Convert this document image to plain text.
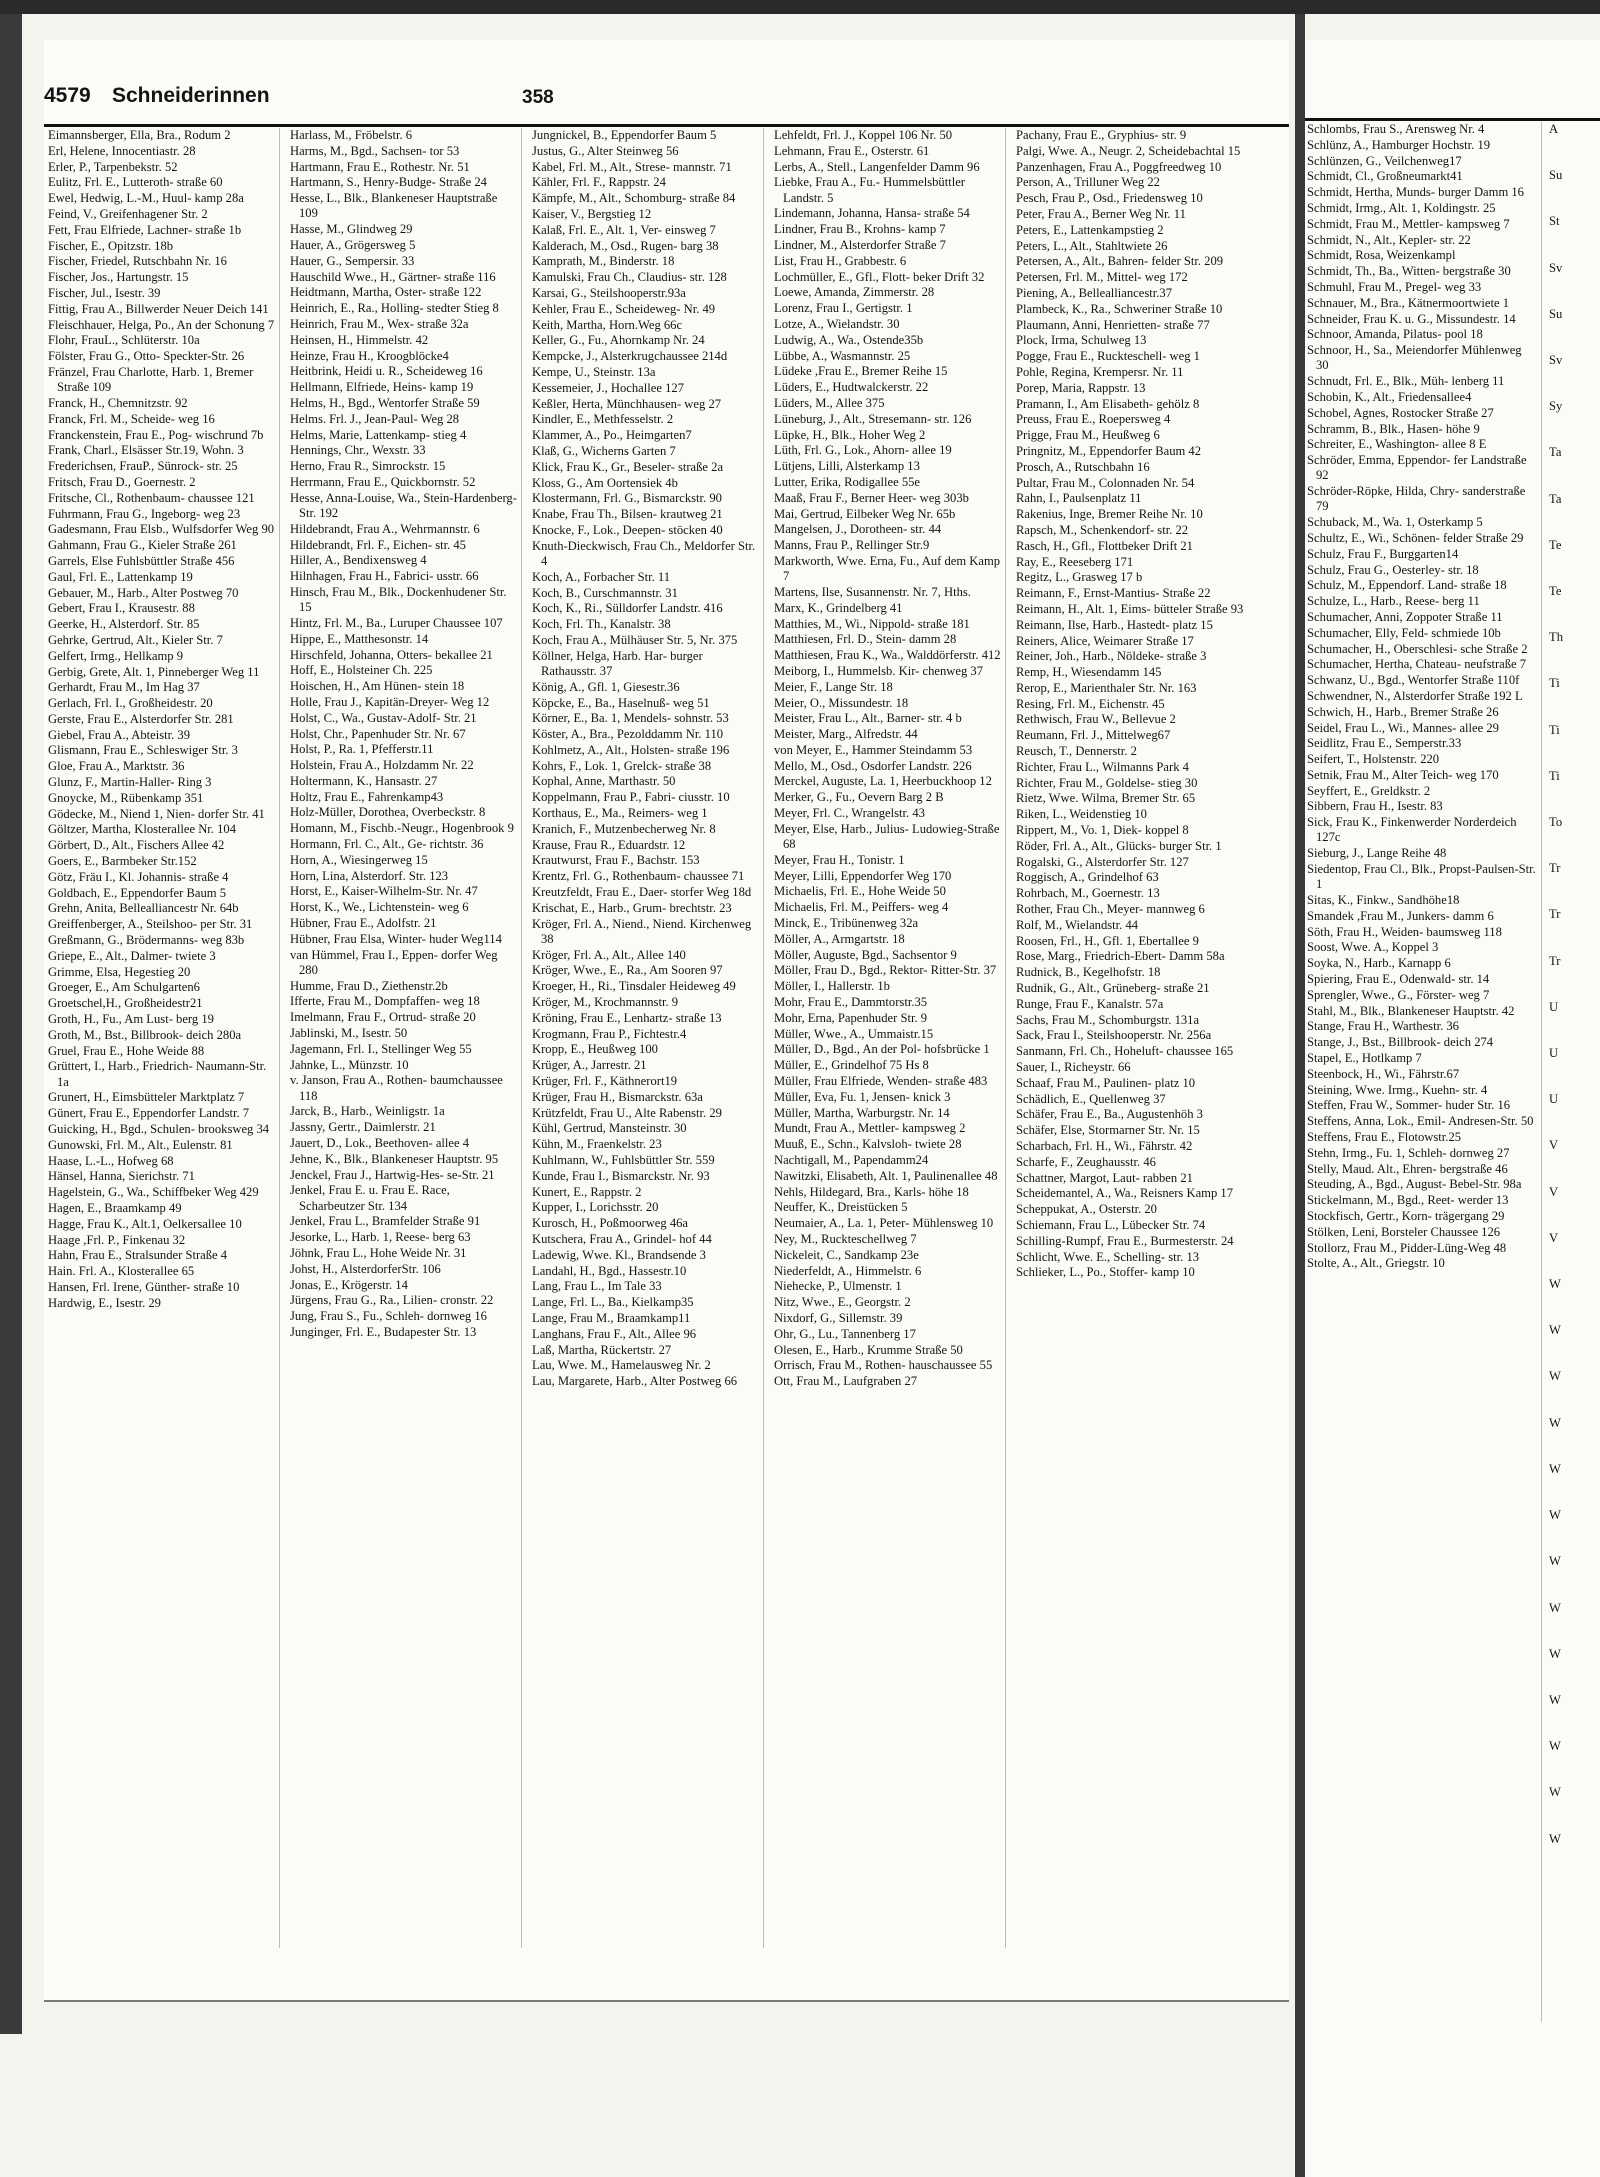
4579 Schneiderinnen	358
Eimannsberger, Ella, Bra., Rodum 2
Erl, Helene, Innocentiastr. 28
Erler, P., Tarpenbekstr. 52
Eulitz, Frl. E., Lutteroth- straße 60
Ewel, Hedwig, L.-M., Huul- kamp 28a
Feind, V., Greifenhagener Str. 2
Fett, Frau Elfriede, Lachner- straße 1b
Fischer, E., Opitzstr. 18b
Fischer, Friedel, Rutschbahn Nr. 16
Fischer, Jos., Hartungstr. 15
Fischer, Jul., Isestr. 39
Fittig, Frau A., Billwerder Neuer Deich 141
Fleischhauer, Helga, Po., An der Schonung 7
Flohr, FrauL., Schlüterstr. 10a
Fölster, Frau G., Otto- Speckter-Str. 26
Fränzel, Frau Charlotte, Harb. 1, Bremer Straße 109
Franck, H., Chemnitzstr. 92
Franck, Frl. M., Scheide- weg 16
Franckenstein, Frau E., Pog- wischrund 7b
Frank, Charl., Elsässer Str.19, Wohn. 3
Frederichsen, FrauP., Sünrock- str. 25
Fritsch, Frau D., Goernestr. 2
Fritsche, Cl., Rothenbaum- chaussee 121
Fuhrmann, Frau G., Ingeborg- weg 23
Gadesmann, Frau Elsb., Wulfsdorfer Weg 90
Gahmann, Frau G., Kieler Straße 261
Garrels, Else Fuhlsbüttler Straße 456
Gaul, Frl. E., Lattenkamp 19
Gebauer, M., Harb., Alter Postweg 70
Gebert, Frau I., Krausestr. 88
Geerke, H., Alsterdorf. Str. 85
Gehrke, Gertrud, Alt., Kieler Str. 7
Gelfert, Irmg., Hellkamp 9
Gerbig, Grete, Alt. 1, Pinneberger Weg 11
Gerhardt, Frau M., Im Hag 37
Gerlach, Frl. I., Großheidestr. 20
Gerste, Frau E., Alsterdorfer Str. 281
Giebel, Frau A., Abteistr. 39
Glismann, Frau E., Schleswiger Str. 3
Gloe, Frau A., Marktstr. 36
Glunz, F., Martin-Haller- Ring 3
Gnoycke, M., Rübenkamp 351
Gödecke, M., Niend 1, Nien- dorfer Str. 41
Göltzer, Martha, Klosterallee Nr. 104
Görbert, D., Alt., Fischers Allee 42
Goers, E., Barmbeker Str.152
Götz, Fräu I., Kl. Johannis- straße 4
Goldbach, E., Eppendorfer Baum 5
Grehn, Anita, Bellealliancestr Nr. 64b
Greiffenberger, A., Steilshoo- per Str. 31
Greßmann, G., Brödermanns- weg 83b
Griepe, E., Alt., Dalmer- twiete 3
Grimme, Elsa, Hegestieg 20
Groeger, E., Am Schulgarten6
Groetschel,H., Großheidestr21
Groth, H., Fu., Am Lust- berg 19
Groth, M., Bst., Billbrook- deich 280a
Gruel, Frau E., Hohe Weide 88
Grüttert, I., Harb., Friedrich- Naumann-Str. 1a
Grunert, H., Eimsbütteler Marktplatz 7
Günert, Frau E., Eppendorfer Landstr. 7
Guicking, H., Bgd., Schulen- brooksweg 34
Gunowski, Frl. M., Alt., Eulenstr. 81
Haase, L.-L., Hofweg 68
Hänsel, Hanna, Sierichstr. 71
Hagelstein, G., Wa., Schiffbeker Weg 429
Hagen, E., Braamkamp 49
Hagge, Frau K., Alt.1, Oelkersallee 10
Haage ,Frl. P., Finkenau 32
Hahn, Frau E., Stralsunder Straße 4
Hain. Frl. A., Klosterallee 65
Hansen, Frl. Irene, Günther- straße 10
Hardwig, E., Isestr. 29
Harlass, M., Fröbelstr. 6
Harms, M., Bgd., Sachsen- tor 53
Hartmann, Frau E., Rothestr. Nr. 51
Hartmann, S., Henry-Budge- Straße 24
Hesse, L., Blk., Blankeneser Hauptstraße 109
Hasse, M., Glindweg 29
Hauer, A., Grögersweg 5
Hauer, G., Sempersir. 33
Hauschild Wwe., H., Gärtner- straße 116
Heidtmann, Martha, Oster- straße 122
Heinrich, E., Ra., Holling- stedter Stieg 8
Heinrich, Frau M., Wex- straße 32a
Heinsen, H., Himmelstr. 42
Heinze, Frau H., Kroogblöcke4
Heitbrink, Heidi u. R., Scheideweg 16
Hellmann, Elfriede, Heins- kamp 19
Helms, H., Bgd., Wentorfer Straße 59
Helms. Frl. J., Jean-Paul- Weg 28
Helms, Marie, Lattenkamp- stieg 4
Hennings, Chr., Wexstr. 33
Herno, Frau R., Simrockstr. 15
Herrmann, Frau E., Quickbornstr. 52
Hesse, Anna-Louise, Wa., Stein-Hardenberg-Str. 192
Hildebrandt, Frau A., Wehrmannstr. 6
Hildebrandt, Frl. F., Eichen- str. 45
Hiller, A., Bendixensweg 4
Hilnhagen, Frau H., Fabrici- usstr. 66
Hinsch, Frau M., Blk., Dockenhudener Str. 15
Hintz, Frl. M., Ba., Luruper Chaussee 107
Hippe, E., Matthesonstr. 14
Hirschfeld, Johanna, Otters- bekallee 21
Hoff, E., Holsteiner Ch. 225
Hoischen, H., Am Hünen- stein 18
Holle, Frau J., Kapitän-Dreyer- Weg 12
Holst, C., Wa., Gustav-Adolf- Str. 21
Holst, Chr., Papenhuder Str. Nr. 67
Holst, P., Ra. 1, Pfefferstr.11
Holstein, Frau A., Holzdamm Nr. 22
Holtermann, K., Hansastr. 27
Holtz, Frau E., Fahrenkamp43
Holz-Müller, Dorothea, Overbeckstr. 8
Homann, M., Fischb.-Neugr., Hogenbrook 9
Hormann, Frl. C., Alt., Ge- richtstr. 36
Horn, A., Wiesingerweg 15
Horn, Lina, Alsterdorf. Str. 123
Horst, E., Kaiser-Wilhelm-Str. Nr. 47
Horst, K., We., Lichtenstein- weg 6
Hübner, Frau E., Adolfstr. 21
Hübner, Frau Elsa, Winter- huder Weg114
van Hümmel, Frau I., Eppen- dorfer Weg 280
Humme, Frau D., Ziethenstr.2b
Ifferte, Frau M., Dompfaffen- weg 18
Imelmann, Frau F., Ortrud- straße 20
Jablinski, M., Isestr. 50
Jagemann, Frl. I., Stellinger Weg 55
Jahnke, L., Münzstr. 10
v. Janson, Frau A., Rothen- baumchaussee 118
Jarck, B., Harb., Weinligstr. 1a
Jassny, Gertr., Daimlerstr. 21
Jauert, D., Lok., Beethoven- allee 4
Jehne, K., Blk., Blankeneser Hauptstr. 95
Jenckel, Frau J., Hartwig-Hes- se-Str. 21
Jenkel, Frau E. u. Frau E. Race, Scharbeutzer Str. 134
Jenkel, Frau L., Bramfelder Straße 91
Jesorke, L., Harb. 1, Reese- berg 63
Jöhnk, Frau L., Hohe Weide Nr. 31
Johst, H., AlsterdorferStr. 106
Jonas, E., Krögerstr. 14
Jürgens, Frau G., Ra., Lilien- cronstr. 22
Jung, Frau S., Fu., Schleh- dornweg 16
Junginger, Frl. E., Budapester Str. 13
Jungnickel, B., Eppendorfer Baum 5
Justus, G., Alter Steinweg 56
Kabel, Frl. M., Alt., Strese- mannstr. 71
Kähler, Frl. F., Rappstr. 24
Kämpfe, M., Alt., Schomburg- straße 84
Kaiser, V., Bergstieg 12
Kalaß, Frl. E., Alt. 1, Ver- einsweg 7
Kalderach, M., Osd., Rugen- barg 38
Kamprath, M., Binderstr. 18
Kamulski, Frau Ch., Claudius- str. 128
Karsai, G., Steilshooperstr.93a
Kehler, Frau E., Scheideweg- Nr. 49
Keith, Martha, Horn.Weg 66c
Keller, G., Fu., Ahornkamp Nr. 24
Kempcke, J., Alsterkrugchaussee 214d
Kempe, U., Steinstr. 13a
Kessemeier, J., Hochallee 127
Keßler, Herta, Münchhausen- weg 27
Kindler, E., Methfesselstr. 2
Klammer, A., Po., Heimgarten7
Klaß, G., Wicherns Garten 7
Klick, Frau K., Gr., Beseler- straße 2a
Kloss, G., Am Oortensiek 4b
Klostermann, Frl. G., Bismarckstr. 90
Knabe, Frau Th., Bilsen- krautweg 21
Knocke, F., Lok., Deepen- stöcken 40
Knuth-Dieckwisch, Frau Ch., Meldorfer Str. 4
Koch, A., Forbacher Str. 11
Koch, B., Curschmannstr. 31
Koch, K., Ri., Sülldorfer Landstr. 416
Koch, Frl. Th., Kanalstr. 38
Koch, Frau A., Mülhäuser Str. 5, Nr. 375
Köllner, Helga, Harb. Har- burger Rathausstr. 37
König, A., Gfl. 1, Giesestr.36
Köpcke, E., Ba., Haselnuß- weg 51
Körner, E., Ba. 1, Mendels- sohnstr. 53
Köster, A., Bra., Pezolddamm Nr. 110
Kohlmetz, A., Alt., Holsten- straße 196
Kohrs, F., Lok. 1, Grelck- straße 38
Kophal, Anne, Marthastr. 50
Koppelmann, Frau P., Fabri- ciusstr. 10
Korthaus, E., Ma., Reimers- weg 1
Kranich, F., Mutzenbecherweg Nr. 8
Krause, Frau R., Eduardstr. 12
Krautwurst, Frau F., Bachstr. 153
Krentz, Frl. G., Rothenbaum- chaussee 71
Kreutzfeldt, Frau E., Daer- storfer Weg 18d
Krischat, E., Harb., Grum- brechtstr. 23
Kröger, Frl. A., Niend., Niend. Kirchenweg 38
Kröger, Frl. A., Alt., Allee 140
Kröger, Wwe., E., Ra., Am Sooren 97
Kroeger, H., Ri., Tinsdaler Heideweg 49
Kröger, M., Krochmannstr. 9
Kröning, Frau E., Lenhartz- straße 13
Krogmann, Frau P., Fichtestr.4
Kropp, E., Heußweg 100
Krüger, A., Jarrestr. 21
Krüger, Frl. F., Käthnerort19
Krüger, Frau H., Bismarckstr. 63a
Krützfeldt, Frau U., Alte Rabenstr. 29
Kühl, Gertrud, Mansteinstr. 30
Kühn, M., Fraenkelstr. 23
Kuhlmann, W., Fuhlsbüttler Str. 559
Kunde, Frau I., Bismarckstr. Nr. 93
Kunert, E., Rappstr. 2
Kupper, I., Lorichsstr. 20
Kurosch, H., Poßmoorweg 46a
Kutschera, Frau A., Grindel- hof 44
Ladewig, Wwe. Kl., Brandsende 3
Landahl, H., Bgd., Hassestr.10
Lang, Frau L., Im Tale 33
Lange, Frl. L., Ba., Kielkamp35
Lange, Frau M., Braamkamp11
Langhans, Frau F., Alt., Allee 96
Laß, Martha, Rückertstr. 27
Lau, Wwe. M., Hamelausweg Nr. 2
Lau, Margarete, Harb., Alter Postweg 66
Lehfeldt, Frl. J., Koppel 106 Nr. 50
Lehmann, Frau E., Osterstr. 61
Lerbs, A., Stell., Langenfelder Damm 96
Liebke, Frau A., Fu.- Hummelsbüttler Landstr. 5
Lindemann, Johanna, Hansa- straße 54
Lindner, Frau B., Krohns- kamp 7
Lindner, M., Alsterdorfer Straße 7
List, Frau H., Grabbestr. 6
Lochmüller, E., Gfl., Flott- beker Drift 32
Loewe, Amanda, Zimmerstr. 28
Lorenz, Frau I., Gertigstr. 1
Lotze, A., Wielandstr. 30
Ludwig, A., Wa., Ostende35b
Lübbe, A., Wasmannstr. 25
Lüdeke ,Frau E., Bremer Reihe 15
Lüders, E., Hudtwalckerstr. 22
Lüders, M., Allee 375
Lüneburg, J., Alt., Stresemann- str. 126
Lüpke, H., Blk., Hoher Weg 2
Lüth, Frl. G., Lok., Ahorn- allee 19
Lütjens, Lilli, Alsterkamp 13
Lutter, Erika, Rodigallee 55e
Maaß, Frau F., Berner Heer- weg 303b
Mai, Gertrud, Eilbeker Weg Nr. 65b
Mangelsen, J., Dorotheen- str. 44
Manns, Frau P., Rellinger Str.9
Markworth, Wwe. Erna, Fu., Auf dem Kamp 7
Martens, Ilse, Susannenstr. Nr. 7, Hths.
Marx, K., Grindelberg 41
Matthies, M., Wi., Nippold- straße 181
Matthiesen, Frl. D., Stein- damm 28
Matthiesen, Frau K., Wa., Walddörferstr. 412
Meiborg, I., Hummelsb. Kir- chenweg 37
Meier, F., Lange Str. 18
Meier, O., Missundestr. 18
Meister, Frau L., Alt., Barner- str. 4 b
Meister, Marg., Alfredstr. 44
von Meyer, E., Hammer Steindamm 53
Mello, M., Osd., Osdorfer Landstr. 226
Merckel, Auguste, La. 1, Heerbuckhoop 12
Merker, G., Fu., Oevern Barg 2 B
Meyer, Frl. C., Wrangelstr. 43
Meyer, Else, Harb., Julius- Ludowieg-Straße 68
Meyer, Frau H., Tonistr. 1
Meyer, Lilli, Eppendorfer Weg 170
Michaelis, Frl. E., Hohe Weide 50
Michaelis, Frl. M., Peiffers- weg 4
Minck, E., Tribünenweg 32a
Möller, A., Armgartstr. 18
Möller, Auguste, Bgd., Sachsentor 9
Möller, Frau D., Bgd., Rektor- Ritter-Str. 37
Möller, I., Hallerstr. 1b
Mohr, Frau E., Dammtorstr.35
Mohr, Erna, Papenhuder Str. 9
Müller, Wwe., A., Ummaistr.15
Müller, D., Bgd., An der Pol- hofsbrücke 1
Müller, E., Grindelhof 75 Hs 8
Müller, Frau Elfriede, Wenden- straße 483
Müller, Eva, Fu. 1, Jensen- knick 3
Müller, Martha, Warburgstr. Nr. 14
Mundt, Frau A., Mettler- kampsweg 2
Muuß, E., Schn., Kalvsloh- twiete 28
Nachtigall, M., Papendamm24
Nawitzki, Elisabeth, Alt. 1, Paulinenallee 48
Nehls, Hildegard, Bra., Karls- höhe 18
Neuffer, K., Dreistücken 5
Neumaier, A., La. 1, Peter- Mühlensweg 10
Ney, M., Ruckteschellweg 7
Nickeleit, C., Sandkamp 23e
Niederfeldt, A., Himmelstr. 6
Niehecke, P., Ulmenstr. 1
Nitz, Wwe., E., Georgstr. 2
Nixdorf, G., Sillemstr. 39
Ohr, G., Lu., Tannenberg 17
Olesen, E., Harb., Krumme Straße 50
Orrisch, Frau M., Rothen- hauschaussee 55
Ott, Frau M., Laufgraben 27
Pachany, Frau E., Gryphius- str. 9
Palgi, Wwe. A., Neugr. 2, Scheidebachtal 15
Panzenhagen, Frau A., Poggfreedweg 10
Person, A., Trilluner Weg 22
Pesch, Frau P., Osd., Friedensweg 10
Peter, Frau A., Berner Weg Nr. 11
Peters, E., Lattenkampstieg 2
Peters, L., Alt., Stahltwiete 26
Petersen, A., Alt., Bahren- felder Str. 209
Petersen, Frl. M., Mittel- weg 172
Piening, A., Bellealliancestr.37
Plambeck, K., Ra., Schweriner Straße 10
Plaumann, Anni, Henrietten- straße 77
Plock, Irma, Schulweg 13
Pogge, Frau E., Ruckteschell- weg 1
Pohle, Regina, Krempersr. Nr. 11
Porep, Maria, Rappstr. 13
Pramann, I., Am Elisabeth- gehölz 8
Preuss, Frau E., Roepersweg 4
Prigge, Frau M., Heußweg 6
Pringnitz, M., Eppendorfer Baum 42
Prosch, A., Rutschbahn 16
Pultar, Frau M., Colonnaden Nr. 54
Rahn, I., Paulsenplatz 11
Rakenius, Inge, Bremer Reihe Nr. 10
Rapsch, M., Schenkendorf- str. 22
Rasch, H., Gfl., Flottbeker Drift 21
Ray, E., Reeseberg 171
Regitz, L., Grasweg 17 b
Reimann, F., Ernst-Mantius- Straße 22
Reimann, H., Alt. 1, Eims- bütteler Straße 93
Reimann, Ilse, Harb., Hastedt- platz 15
Reiners, Alice, Weimarer Straße 17
Reiner, Joh., Harb., Nöldeke- straße 3
Remp, H., Wiesendamm 145
Rerop, E., Marienthaler Str. Nr. 163
Resing, Frl. M., Eichenstr. 45
Rethwisch, Frau W., Bellevue 2
Reumann, Frl. J., Mittelweg67
Reusch, T., Dennerstr. 2
Richter, Frau L., Wilmanns Park 4
Richter, Frau M., Goldelse- stieg 30
Rietz, Wwe. Wilma, Bremer Str. 65
Riken, L., Weidenstieg 10
Rippert, M., Vo. 1, Diek- koppel 8
Röder, Frl. A., Alt., Glücks- burger Str. 1
Rogalski, G., Alsterdorfer Str. 127
Roggisch, A., Grindelhof 63
Rohrbach, M., Goernestr. 13
Rother, Frau Ch., Meyer- mannweg 6
Rolf, M., Wielandstr. 44
Roosen, Frl., H., Gfl. 1, Ebertallee 9
Rose, Marg., Friedrich-Ebert- Damm 58a
Rudnick, B., Kegelhofstr. 18
Rudnik, G., Alt., Grüneberg- straße 21
Runge, Frau F., Kanalstr. 57a
Sachs, Frau M., Schomburgstr. 131a
Sack, Frau I., Steilshooperstr. Nr. 256a
Sanmann, Frl. Ch., Hoheluft- chaussee 165
Sauer, I., Richeystr. 66
Schaaf, Frau M., Paulinen- platz 10
Schädlich, E., Quellenweg 37
Schäfer, Frau E., Ba., Augustenhöh 3
Schäfer, Else, Stormarner Str. Nr. 15
Scharbach, Frl. H., Wi., Fährstr. 42
Scharfe, F., Zeughausstr. 46
Schattner, Margot, Laut- rabben 21
Scheidemantel, A., Wa., Reisners Kamp 17
Scheppukat, A., Osterstr. 20
Schiemann, Frau L., Lübecker Str. 74
Schilling-Rumpf, Frau E., Burmesterstr. 24
Schlicht, Wwe. E., Schelling- str. 13
Schlieker, L., Po., Stoffer- kamp 10
Schlombs, Frau S., Arensweg Nr. 4
Schlünz, A., Hamburger Hochstr. 19
Schlünzen, G., Veilchenweg17
Schmidt, Cl., Großneumarkt41
Schmidt, Hertha, Munds- burger Damm 16
Schmidt, Irmg., Alt. 1, Koldingstr. 25
Schmidt, Frau M., Mettler- kampsweg 7
Schmidt, N., Alt., Kepler- str. 22
Schmidt, Rosa, Weizenkampl
Schmidt, Th., Ba., Witten- bergstraße 30
Schmuhl, Frau M., Pregel- weg 33
Schnauer, M., Bra., Kätnermoortwiete 1
Schneider, Frau K. u. G., Missundestr. 14
Schnoor, Amanda, Pilatus- pool 18
Schnoor, H., Sa., Meiendorfer Mühlenweg 30
Schnudt, Frl. E., Blk., Müh- lenberg 11
Schobin, K., Alt., Friedensallee4
Schobel, Agnes, Rostocker Straße 27
Schramm, B., Blk., Hasen- höhe 9
Schreiter, E., Washington- allee 8 E
Schröder, Emma, Eppendor- fer Landstraße 92
Schröder-Röpke, Hilda, Chry- sanderstraße 79
Schuback, M., Wa. 1, Osterkamp 5
Schultz, E., Wi., Schönen- felder Straße 29
Schulz, Frau F., Burggarten14
Schulz, Frau G., Oesterley- str. 18
Schulz, M., Eppendorf. Land- straße 18
Schulze, L., Harb., Reese- berg 11
Schumacher, Anni, Zoppoter Straße 11
Schumacher, Elly, Feld- schmiede 10b
Schumacher, H., Oberschlesi- sche Straße 2
Schumacher, Hertha, Chateau- neufstraße 7
Schwanz, U., Bgd., Wentorfer Straße 110f
Schwendner, N., Alsterdorfer Straße 192 L
Schwich, H., Harb., Bremer Straße 26
Seidel, Frau L., Wi., Mannes- allee 29
Seidlitz, Frau E., Semperstr.33
Seifert, T., Holstenstr. 220
Setnik, Frau M., Alter Teich- weg 170
Seyffert, E., Greldkstr. 2
Sibbern, Frau H., Isestr. 83
Sick, Frau K., Finkenwerder Norderdeich 127c
Sieburg, J., Lange Reihe 48
Siedentop, Frau Cl., Blk., Propst-Paulsen-Str. 1
Sitas, K., Finkw., Sandhöhe18
Smandek ,Frau M., Junkers- damm 6
Söth, Frau H., Weiden- baumsweg 118
Soost, Wwe. A., Koppel 3
Soyka, N., Harb., Karnapp 6
Spiering, Frau E., Odenwald- str. 14
Sprengler, Wwe., G., Förster- weg 7
Stahl, M., Blk., Blankeneser Hauptstr. 42
Stange, Frau H., Warthestr. 36
Stange, J., Bst., Billbrook- deich 274
Stapel, E., Hotlkamp 7
Steenbock, H., Wi., Fährstr.67
Steining, Wwe. Irmg., Kuehn- str. 4
Steffen, Frau W., Sommer- huder Str. 16
Steffens, Anna, Lok., Emil- Andresen-Str. 50
Steffens, Frau E., Flotowstr.25
Stehn, Irmg., Fu. 1, Schleh- dornweg 27
Stelly, Maud. Alt., Ehren- bergstraße 46
Steuding, A., Bgd., August- Bebel-Str. 98a
Stickelmann, M., Bgd., Reet- werder 13
Stockfisch, Gertr., Korn- trägergang 29
Stölken, Leni, Borsteler Chaussee 126
Stollorz, Frau M., Pidder-Lüng-Weg 48
Stolte, A., Alt., Griegstr. 10
A
Su
St
Sv
Su
Sv
Sy
Ta
Ta
Te
Te
Th
Ti
Ti
Ti
To
Tr
Tr
Tr
U
U
U
V
V
V
W
W
W
W
W
W
W
W
W
W
W
W
W
